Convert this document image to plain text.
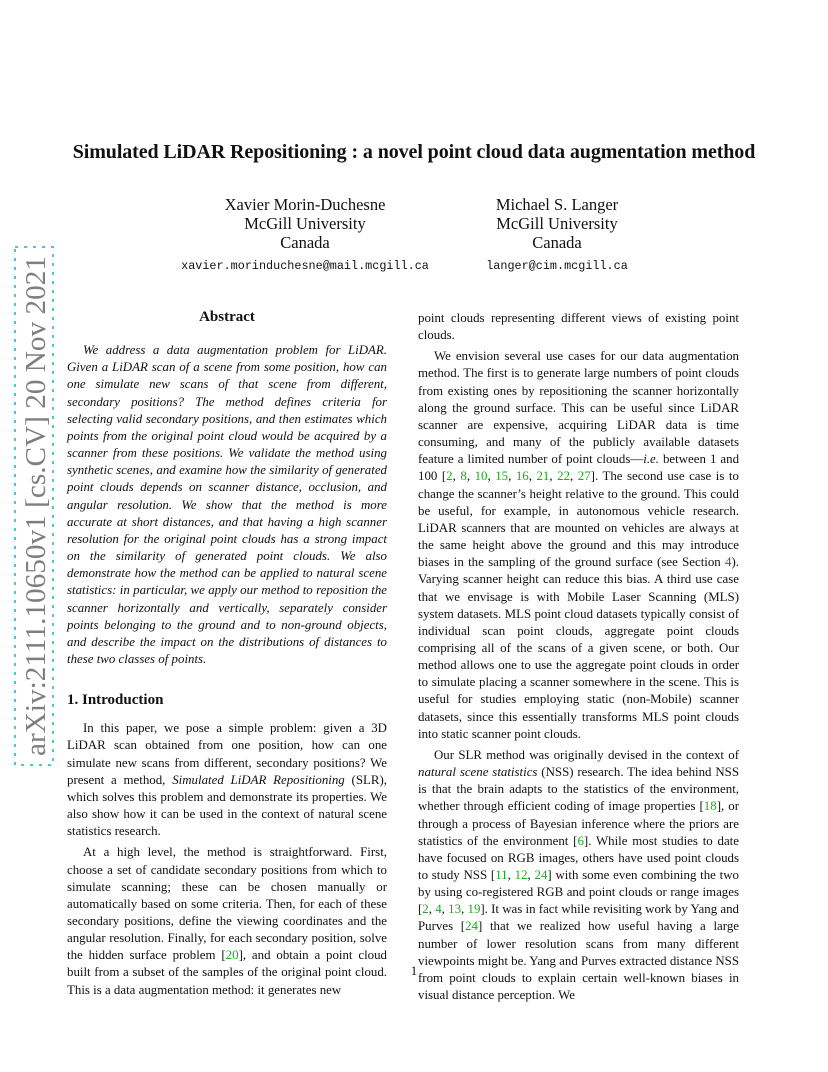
arXiv:2111.10650v1 [cs.CV] 20 Nov 2021
Simulated LiDAR Repositioning : a novel point cloud data augmentation method
Xavier Morin-Duchesne
McGill University
Canada
xavier.morinduchesne@mail.mcgill.ca
Michael S. Langer
McGill University
Canada
langer@cim.mcgill.ca
Abstract

We address a data augmentation problem for LiDAR. Given a LiDAR scan of a scene from some position, how can one simulate new scans of that scene from different, secondary positions? The method defines criteria for selecting valid secondary positions, and then estimates which points from the original point cloud would be acquired by a scanner from these positions. We validate the method using synthetic scenes, and examine how the similarity of generated point clouds depends on scanner distance, occlusion, and angular resolution. We show that the method is more accurate at short distances, and that having a high scanner resolution for the original point clouds has a strong impact on the similarity of generated point clouds. We also demonstrate how the method can be applied to natural scene statistics: in particular, we apply our method to reposition the scanner horizontally and vertically, separately consider points belonging to the ground and to non-ground objects, and describe the impact on the distributions of distances to these two classes of points.

1. Introduction

In this paper, we pose a simple problem: given a 3D LiDAR scan obtained from one position, how can one simulate new scans from different, secondary positions? We present a method, Simulated LiDAR Repositioning (SLR), which solves this problem and demonstrate its properties. We also show how it can be used in the context of natural scene statistics research.

At a high level, the method is straightforward. First, choose a set of candidate secondary positions from which to simulate scanning; these can be chosen manually or automatically based on some criteria. Then, for each of these secondary positions, define the viewing coordinates and the angular resolution. Finally, for each secondary position, solve the hidden surface problem [20], and obtain a point cloud built from a subset of the samples of the original point cloud. This is a data augmentation method: it generates new

point clouds representing different views of existing point clouds.

We envision several use cases for our data augmentation method. The first is to generate large numbers of point clouds from existing ones by repositioning the scanner horizontally along the ground surface. This can be useful since LiDAR scanner are expensive, acquiring LiDAR data is time consuming, and many of the publicly available datasets feature a limited number of point clouds—i.e. between 1 and 100 [2, 8, 10, 15, 16, 21, 22, 27]. The second use case is to change the scanner’s height relative to the ground. This could be useful, for example, in autonomous vehicle research. LiDAR scanners that are mounted on vehicles are always at the same height above the ground and this may introduce biases in the sampling of the ground surface (see Section 4). Varying scanner height can reduce this bias. A third use case that we envisage is with Mobile Laser Scanning (MLS) system datasets. MLS point cloud datasets typically consist of individual scan point clouds, aggregate point clouds comprising all of the scans of a given scene, or both. Our method allows one to use the aggregate point clouds in order to simulate placing a scanner somewhere in the scene. This is useful for studies employing static (non-Mobile) scanner datasets, since this essentially transforms MLS point clouds into static scanner point clouds.

Our SLR method was originally devised in the context of natural scene statistics (NSS) research. The idea behind NSS is that the brain adapts to the statistics of the environment, whether through efficient coding of image properties [18], or through a process of Bayesian inference where the priors are statistics of the environment [6]. While most studies to date have focused on RGB images, others have used point clouds to study NSS [11, 12, 24] with some even combining the two by using co-registered RGB and point clouds or range images [2, 4, 13, 19]. It was in fact while revisiting work by Yang and Purves [24] that we realized how useful having a large number of lower resolution scans from many different viewpoints might be. Yang and Purves extracted distance NSS from point clouds to explain certain well-known biases in visual distance perception. We

1
